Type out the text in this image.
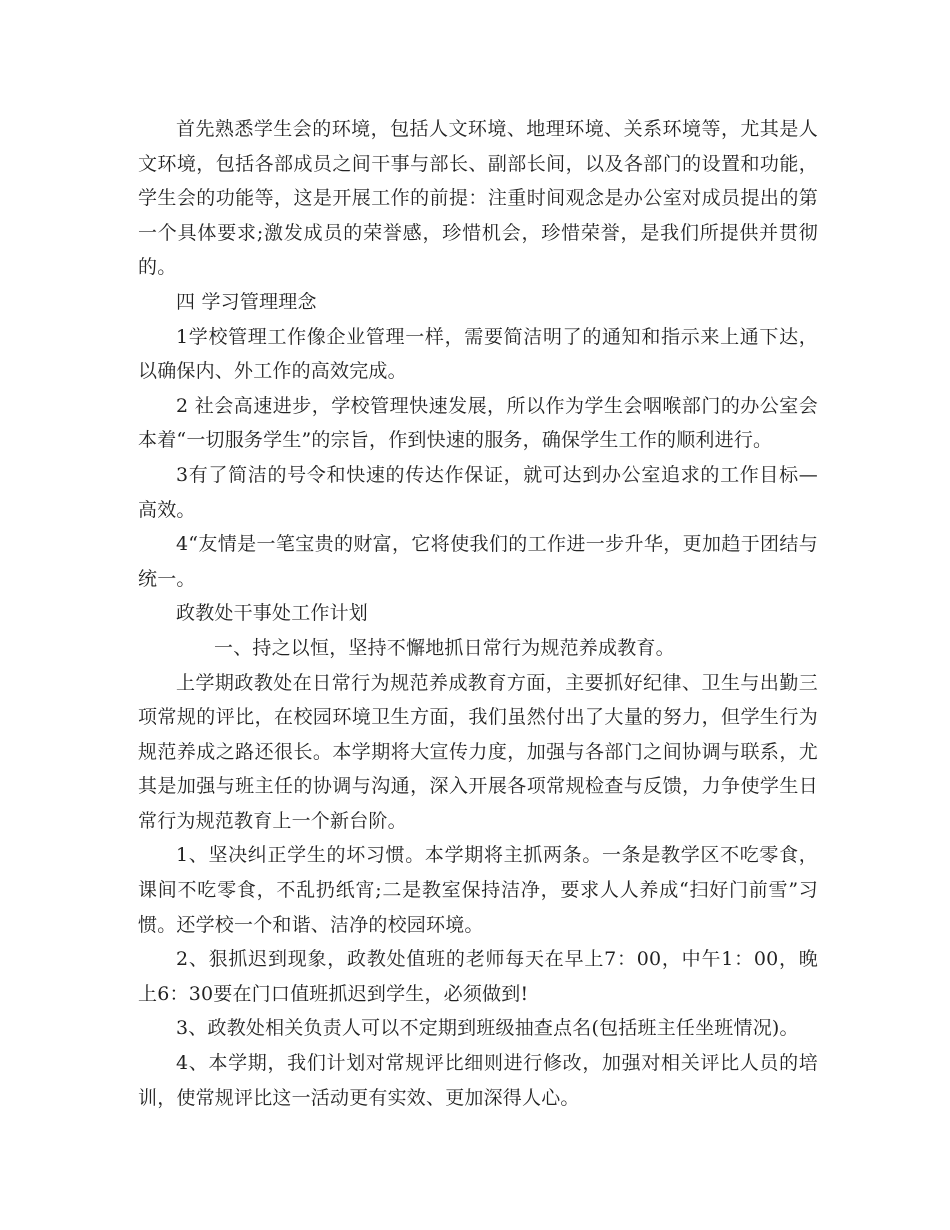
首先熟悉学生会的环境，包括人文环境、地理环境、关系环境等，尤其是人文环境，包括各部成员之间干事与部长、副部长间，以及各部门的设置和功能，学生会的功能等，这是开展工作的前提：注重时间观念是办公室对成员提出的第一个具体要求;激发成员的荣誉感，珍惜机会，珍惜荣誉，是我们所提供并贯彻的。

四 学习管理理念

1学校管理工作像企业管理一样，需要简洁明了的通知和指示来上通下达，以确保内、外工作的高效完成。

2 社会高速进步，学校管理快速发展，所以作为学生会咽喉部门的办公室会本着“一切服务学生”的宗旨，作到快速的服务，确保学生工作的顺利进行。

3有了简洁的号令和快速的传达作保证，就可达到办公室追求的工作目标—高效。

4“友情是一笔宝贵的财富，它将使我们的工作进一步升华，更加趋于团结与统一。

政教处干事处工作计划

一、持之以恒，坚持不懈地抓日常行为规范养成教育。

上学期政教处在日常行为规范养成教育方面，主要抓好纪律、卫生与出勤三项常规的评比，在校园环境卫生方面，我们虽然付出了大量的努力，但学生行为规范养成之路还很长。本学期将大宣传力度，加强与各部门之间协调与联系，尤其是加强与班主任的协调与沟通，深入开展各项常规检查与反馈，力争使学生日常行为规范教育上一个新台阶。

1、坚决纠正学生的坏习惯。本学期将主抓两条。一条是教学区不吃零食，课间不吃零食，不乱扔纸宵;二是教室保持洁净，要求人人养成“扫好门前雪”习惯。还学校一个和谐、洁净的校园环境。

2、狠抓迟到现象，政教处值班的老师每天在早上7：00，中午1：00，晚上6：30要在门口值班抓迟到学生，必须做到!

3、政教处相关负责人可以不定期到班级抽查点名(包括班主任坐班情况)。

4、本学期，我们计划对常规评比细则进行修改，加强对相关评比人员的培训，使常规评比这一活动更有实效、更加深得人心。
